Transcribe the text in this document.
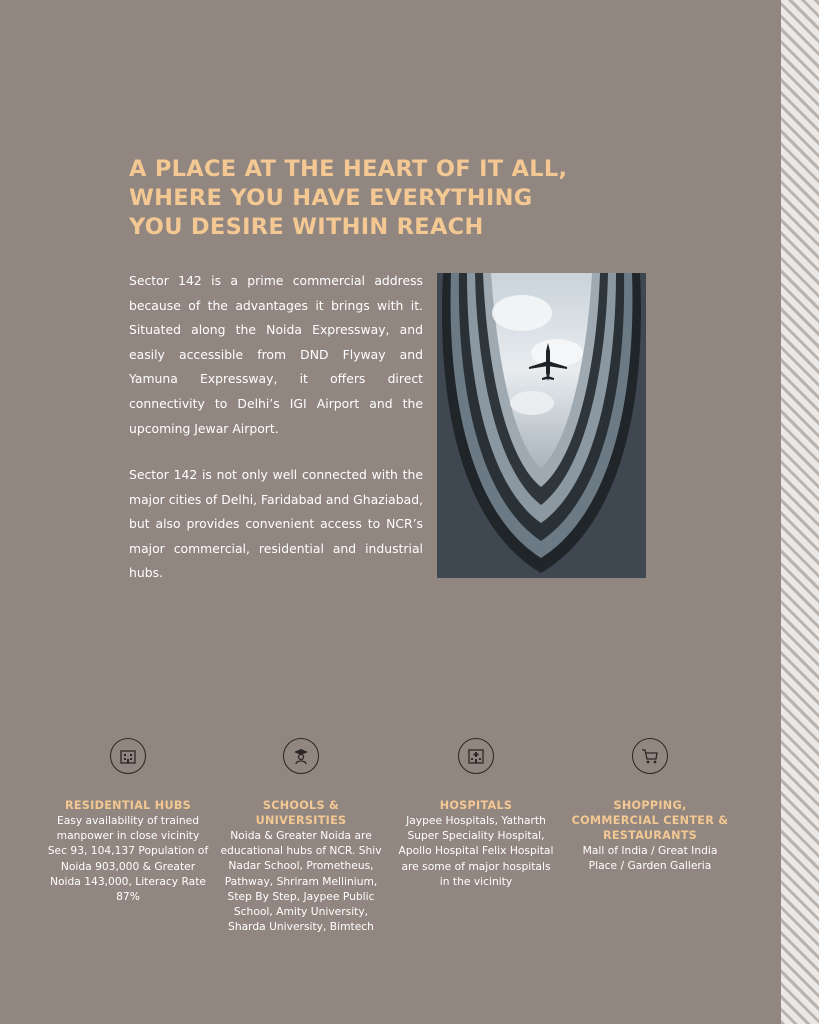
A PLACE AT THE HEART OF IT ALL,
WHERE YOU HAVE EVERYTHING
YOU DESIRE WITHIN REACH

Sector 142 is a prime commercial address because of the advantages it brings with it. Situated along the Noida Expressway, and easily accessible from DND Flyway and Yamuna Expressway, it offers direct connectivity to Delhi’s IGI Airport and the upcoming Jewar Airport.

Sector 142 is not only well connected with the major cities of Delhi, Faridabad and Ghaziabad, but also provides convenient access to NCR’s major commercial, residential and industrial hubs.

RESIDENTIAL HUBS

Easy availability of trained manpower in close vicinity Sec 93, 104,137 Population of Noida 903,000 & Greater Noida 143,000, Literacy Rate 87%

SCHOOLS & UNIVERSITIES

Noida & Greater Noida are educational hubs of NCR. Shiv Nadar School, Prometheus, Pathway, Shriram Mellinium, Step By Step, Jaypee Public School, Amity University, Sharda University, Bimtech

HOSPITALS

Jaypee Hospitals, Yatharth Super Speciality Hospital, Apollo Hospital Felix Hospital are some of major hospitals in the vicinity

SHOPPING, COMMERCIAL CENTER & RESTAURANTS

Mall of India / Great India Place / Garden Galleria
